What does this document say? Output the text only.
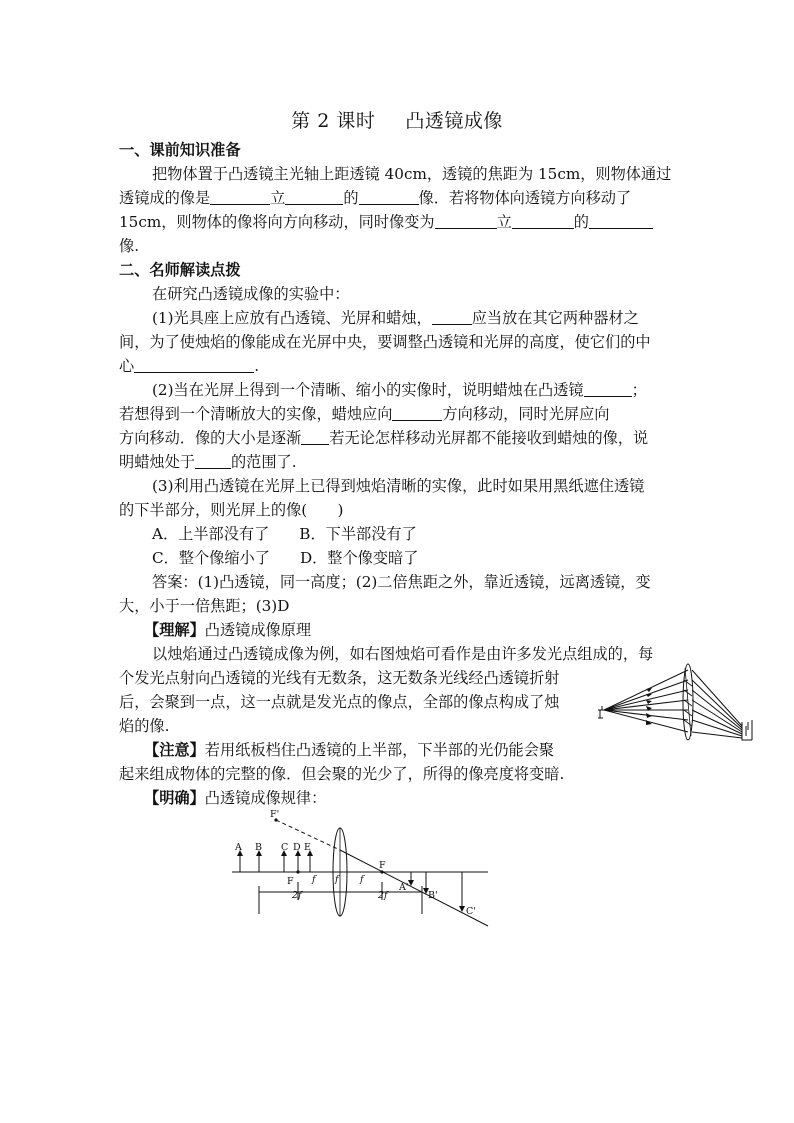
第 2 课时 凸透镜成像
一、课前知识准备
把物体置于凸透镜主光轴上距透镜 40cm，透镜的焦距为 15cm，则物体通过
透镜成的像是	立	的	像．若将物体向透镜方向移动了
15cm，则物体的像将向方向移动，同时像变为	立	的
像.
二、名师解读点拨
在研究凸透镜成像的实验中：
(1)光具座上应放有凸透镜、光屏和蜡烛，	应当放在其它两种器材之
间，为了使烛焰的像能成在光屏中央，要调整凸透镜和光屏的高度，使它们的中
心	.
(2)当在光屏上得到一个清晰、缩小的实像时，说明蜡烛在凸透镜	；
若想得到一个清晰放大的实像，蜡烛应向	方向移动，同时光屏应向
方向移动．像的大小是逐渐 若无论怎样移动光屏都不能接收到蜡烛的像，说
明蜡烛处于 的范围了.
(3)利用凸透镜在光屏上已得到烛焰清晰的实像，此时如果用黑纸遮住透镜
的下半部分，则光屏上的像(　　)
A．上半部没有了 B．下半部没有了
C．整个像缩小了 D．整个像变暗了
答案：(1)凸透镜，同一高度；(2)二倍焦距之外，靠近透镜，远离透镜，变
大，小于一倍焦距；(3)D
【理解】凸透镜成像原理
以烛焰通过凸透镜成像为例，如右图烛焰可看作是由许多发光点组成的，每
个发光点射向凸透镜的光线有无数条，这无数条光线经凸透镜折射
后，会聚到一点，这一点就是发光点的像点，全部的像点构成了烛
焰的像.
【注意】若用纸板档住凸透镜的上半部，下半部的光仍能会聚
起来组成物体的完整的像．但会聚的光少了，所得的像亮度将变暗.
【明确】凸透镜成像规律：
A B C D E
F'
F
F
f f f
2f	2f
A'
B'
C'
